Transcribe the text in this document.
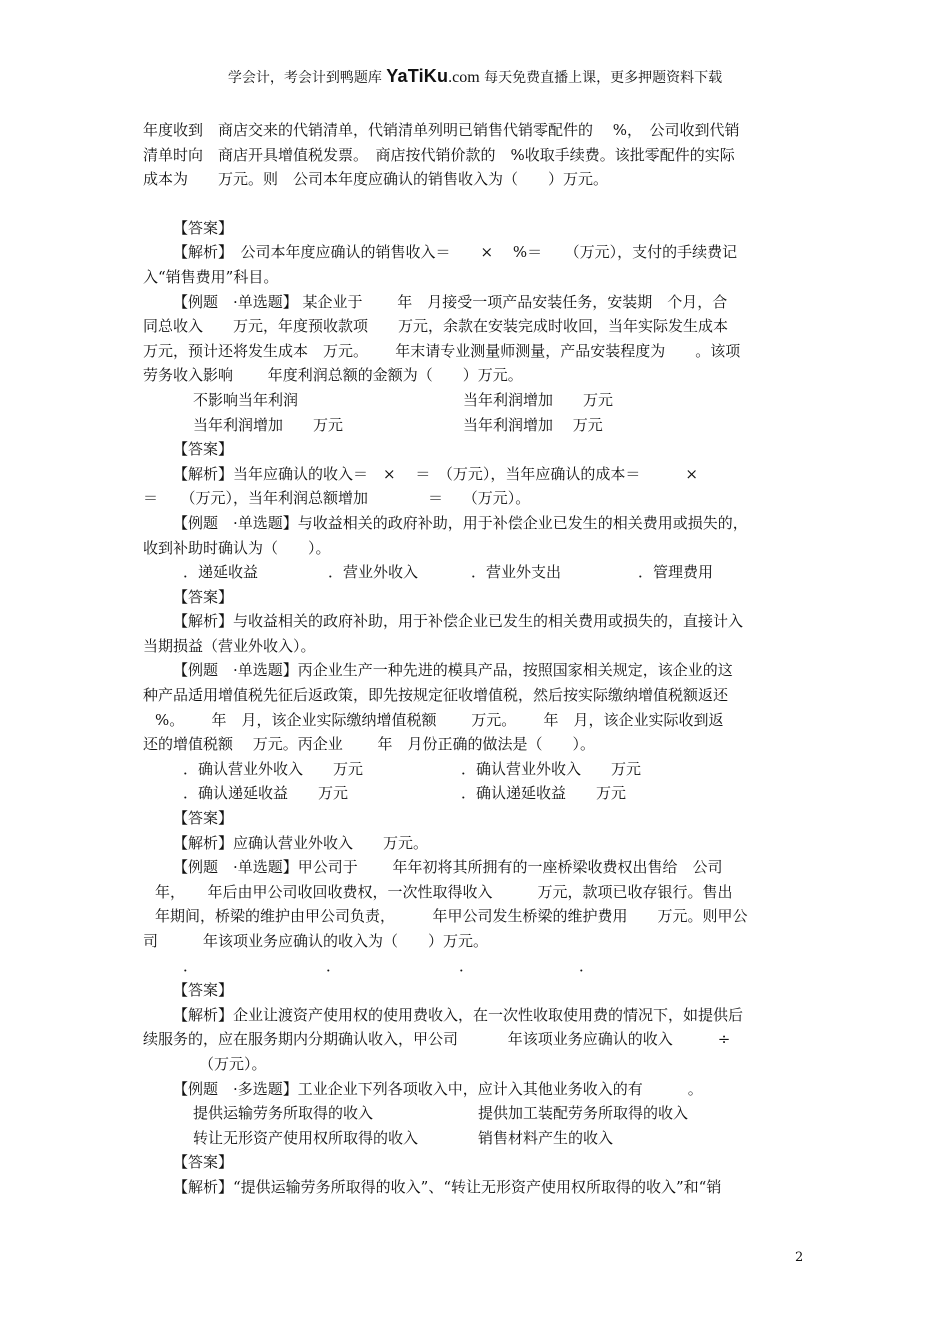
学会计，考会计到鸭题库 YaTiKu.com 每天免费直播上课，更多押题资料下载

年度收到　商店交来的代销清单，代销清单列明已销售代销零配件的　 %，　公司收到代销

清单时向　商店开具增值税发票。　商店按代销价款的　%收取手续费。该批零配件的实际

成本为　　万元。则　公司本年度应确认的销售收入为（　　）万元。

【答案】

【解析】　公司本年度应确认的销售收入＝　　×　 %＝　　（万元），支付的手续费记

入“销售费用”科目。

【例题　·单选题】 某企业于　　 年　月接受一项产品安装任务，安装期　个月，合

同总收入　　万元，年度预收款项　　万元，余款在安装完成时收回，当年实际发生成本

万元，预计还将发生成本　万元。　　 年末请专业测量师测量，产品安装程度为　　。该项

劳务收入影响　　 年度利润总额的金额为（　　）万元。

不影响当年利润	当年利润增加　　万元
当年利润增加　　万元	当年利润增加　 万元

【答案】

【解析】当年应确认的收入＝　×　 ＝　（万元），当年应确认的成本＝　　　×

＝　　（万元），当年利润总额增加　　　　＝　 （万元）。

【例题　·单选题】与收益相关的政府补助，用于补偿企业已发生的相关费用或损失的，

收到补助时确认为（　　）。

．递延收益	．营业外收入	．营业外支出	．管理费用

【答案】

【解析】与收益相关的政府补助，用于补偿企业已发生的相关费用或损失的，直接计入

当期损益（营业外收入）。

【例题　·单选题】丙企业生产一种先进的模具产品，按照国家相关规定，该企业的这

种产品适用增值税先征后返政策，即先按规定征收增值税，然后按实际缴纳增值税额返还

%。　　 年　月，该企业实际缴纳增值税额　　 万元。　　 年　月，该企业实际收到返

还的增值税额　 万元。丙企业　　 年　月份正确的做法是（　　）。

．确认营业外收入　　万元	．确认营业外收入　　万元
．确认递延收益　　万元	．确认递延收益　　万元

【答案】

【解析】应确认营业外收入　　万元。

【例题　·单选题】甲公司于　　 年年初将其所拥有的一座桥梁收费权出售给　公司

年，　　年后由甲公司收回收费权，一次性取得收入　　　万元，款项已收存银行。售出

年期间，桥梁的维护由甲公司负责，　　　年甲公司发生桥梁的维护费用　　万元。则甲公

司　　　年该项业务应确认的收入为（　　）万元。

．	．	．	．

【答案】

【解析】企业让渡资产使用权的使用费收入，在一次性收取使用费的情况下，如提供后

续服务的，应在服务期内分期确认收入，甲公司　　　 年该项业务应确认的收入　　　÷

（万元）。

【例题　·多选题】工业企业下列各项收入中，应计入其他业务收入的有　　　。

提供运输劳务所取得的收入	提供加工装配劳务所取得的收入
转让无形资产使用权所取得的收入	销售材料产生的收入

【答案】

【解析】“提供运输劳务所取得的收入”、“转让无形资产使用权所取得的收入”和“销

2
